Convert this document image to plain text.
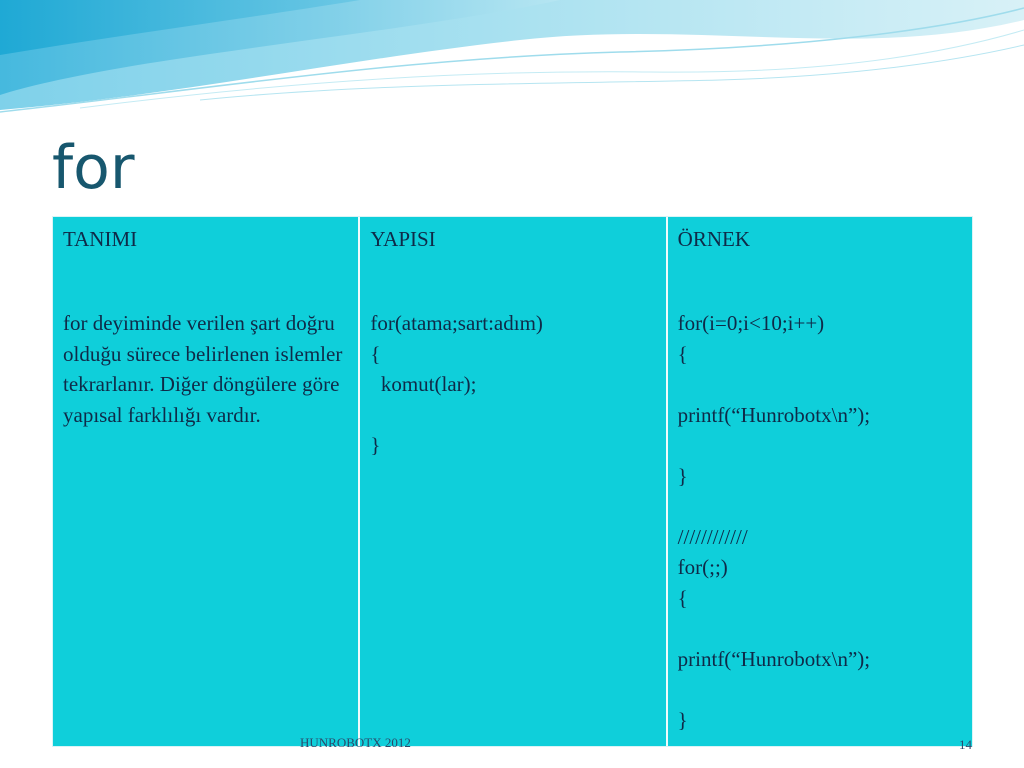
for
TANIMI
for deyiminde verilen şart doğru olduğu sürece belirlenen islemler tekrarlanır. Diğer döngülere göre yapısal farklılığı vardır.
YAPISI
for(atama;sart:adım)
{
komut(lar);

}
ÖRNEK
for(i=0;i<10;i++)
{

printf(“Hunrobotx\n”);

}

////////////
for(;;)
{

printf(“Hunrobotx\n”);

}
HUNROBOTX 2012	14
